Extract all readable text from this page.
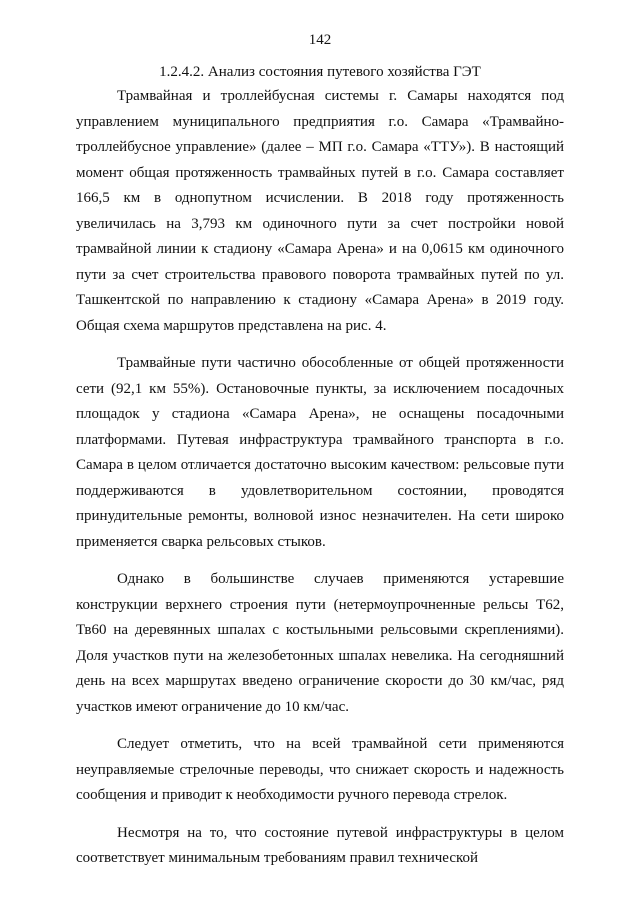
142
1.2.4.2. Анализ состояния путевого хозяйства ГЭТ

Трамвайная и троллейбусная системы г. Самары находятся под управлением муниципального предприятия г.о. Самара «Трамвайно-троллейбусное управление» (далее – МП г.о. Самара «ТТУ»). В настоящий момент общая протяженность трамвайных путей в г.о. Самара составляет 166,5 км в однопутном исчислении. В 2018 году протяженность увеличилась на 3,793 км одиночного пути за счет постройки новой трамвайной линии к стадиону «Самара Арена» и на 0,0615 км одиночного пути за счет строительства правового поворота трамвайных путей по ул. Ташкентской по направлению к стадиону «Самара Арена» в 2019 году. Общая схема маршрутов представлена на рис. 4.

Трамвайные пути частично обособленные от общей протяженности сети (92,1 км 55%). Остановочные пункты, за исключением посадочных площадок у стадиона «Самара Арена», не оснащены посадочными платформами. Путевая инфраструктура трамвайного транспорта в г.о. Самара в целом отличается достаточно высоким качеством: рельсовые пути поддерживаются в удовлетворительном состоянии, проводятся принудительные ремонты, волновой износ незначителен. На сети широко применяется сварка рельсовых стыков.

Однако в большинстве случаев применяются устаревшие конструкции верхнего строения пути (нетермоупрочненные рельсы Т62, Тв60 на деревянных шпалах с костыльными рельсовыми скреплениями). Доля участков пути на железобетонных шпалах невелика. На сегодняшний день на всех маршрутах введено ограничение скорости до 30 км/час, ряд участков имеют ограничение до 10 км/час.

Следует отметить, что на всей трамвайной сети применяются неуправляемые стрелочные переводы, что снижает скорость и надежность сообщения и приводит к необходимости ручного перевода стрелок.

Несмотря на то, что состояние путевой инфраструктуры в целом соответствует минимальным требованиям правил технической
